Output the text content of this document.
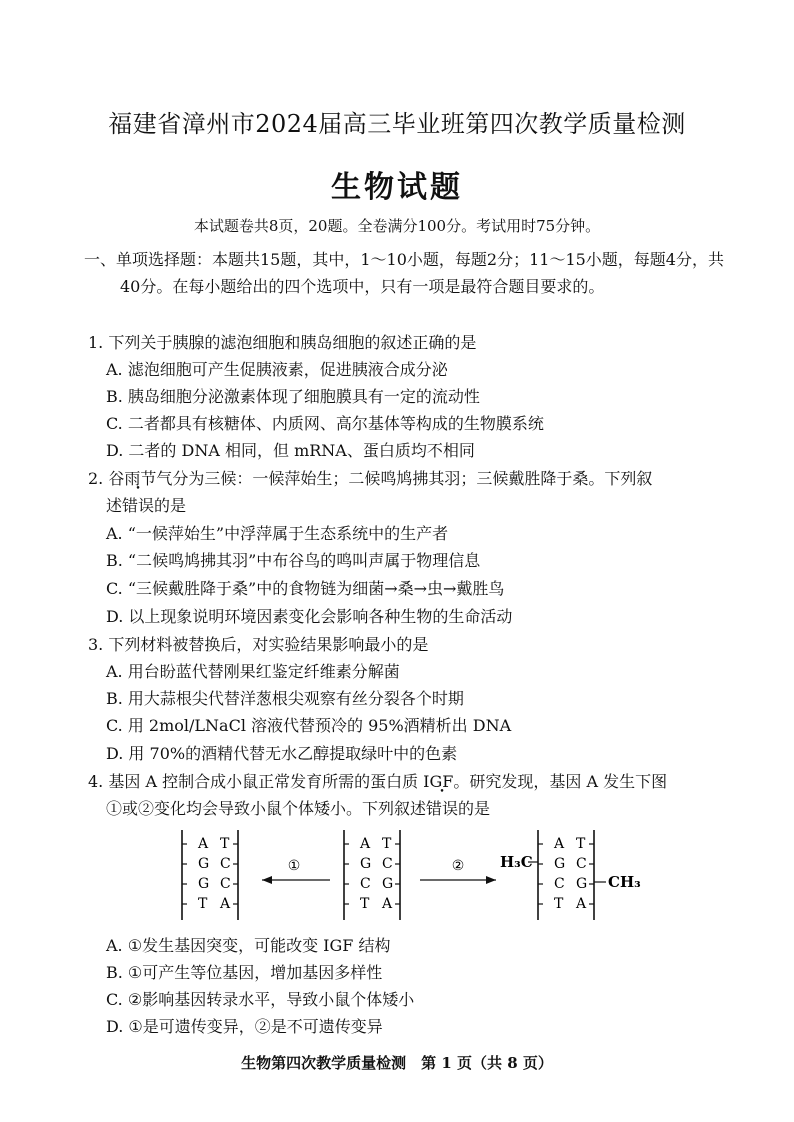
福建省漳州市2024届高三毕业班第四次教学质量检测
生物试题
本试题卷共8页，20题。全卷满分100分。考试用时75分钟。
一、单项选择题：本题共15题，其中，1～10小题，每题2分；11～15小题，每题4分，共40分。在每小题给出的四个选项中，只有一项是最符合题目要求的。
1. 下列关于胰腺的滤泡细胞和胰岛细胞的叙述正确的是
A. 滤泡细胞可产生促胰液素，促进胰液合成分泌
B. 胰岛细胞分泌激素体现了细胞膜具有一定的流动性
C. 二者都具有核糖体、内质网、高尔基体等构成的生物膜系统
D. 二者的 DNA 相同，但 mRNA、蛋白质均不相同
2. 谷雨节气分为三候：一候萍始生；二候鸣鸠拂其羽；三候戴胜降于桑。下列叙
述错误的是
A. “一候萍始生”中浮萍属于生态系统中的生产者
B. “二候鸣鸠拂其羽”中布谷鸟的鸣叫声属于物理信息
C. “三候戴胜降于桑”中的食物链为细菌→桑→虫→戴胜鸟
D. 以上现象说明环境因素变化会影响各种生物的生命活动
3. 下列材料被替换后，对实验结果影响最小的是
A. 用台盼蓝代替刚果红鉴定纤维素分解菌
B. 用大蒜根尖代替洋葱根尖观察有丝分裂各个时期
C. 用 2mol/LNaCl 溶液代替预冷的 95%酒精析出 DNA
D. 用 70%的酒精代替无水乙醇提取绿叶中的色素
4. 基因 A 控制合成小鼠正常发育所需的蛋白质 IGF。研究发现，基因 A 发生下图
①或②变化均会导致小鼠个体矮小。下列叙述错误的是
A T
G C
G C
T A
A T
G C
C G
T A
A T
G C
C G
T A
①	② H₃C
CH₃
A. ①发生基因突变，可能改变 IGF 结构
B. ①可产生等位基因，增加基因多样性
C. ②影响基因转录水平，导致小鼠个体矮小
D. ①是可遗传变异，②是不可遗传变异
生物第四次教学质量检测　第 1 页（共 8 页）
